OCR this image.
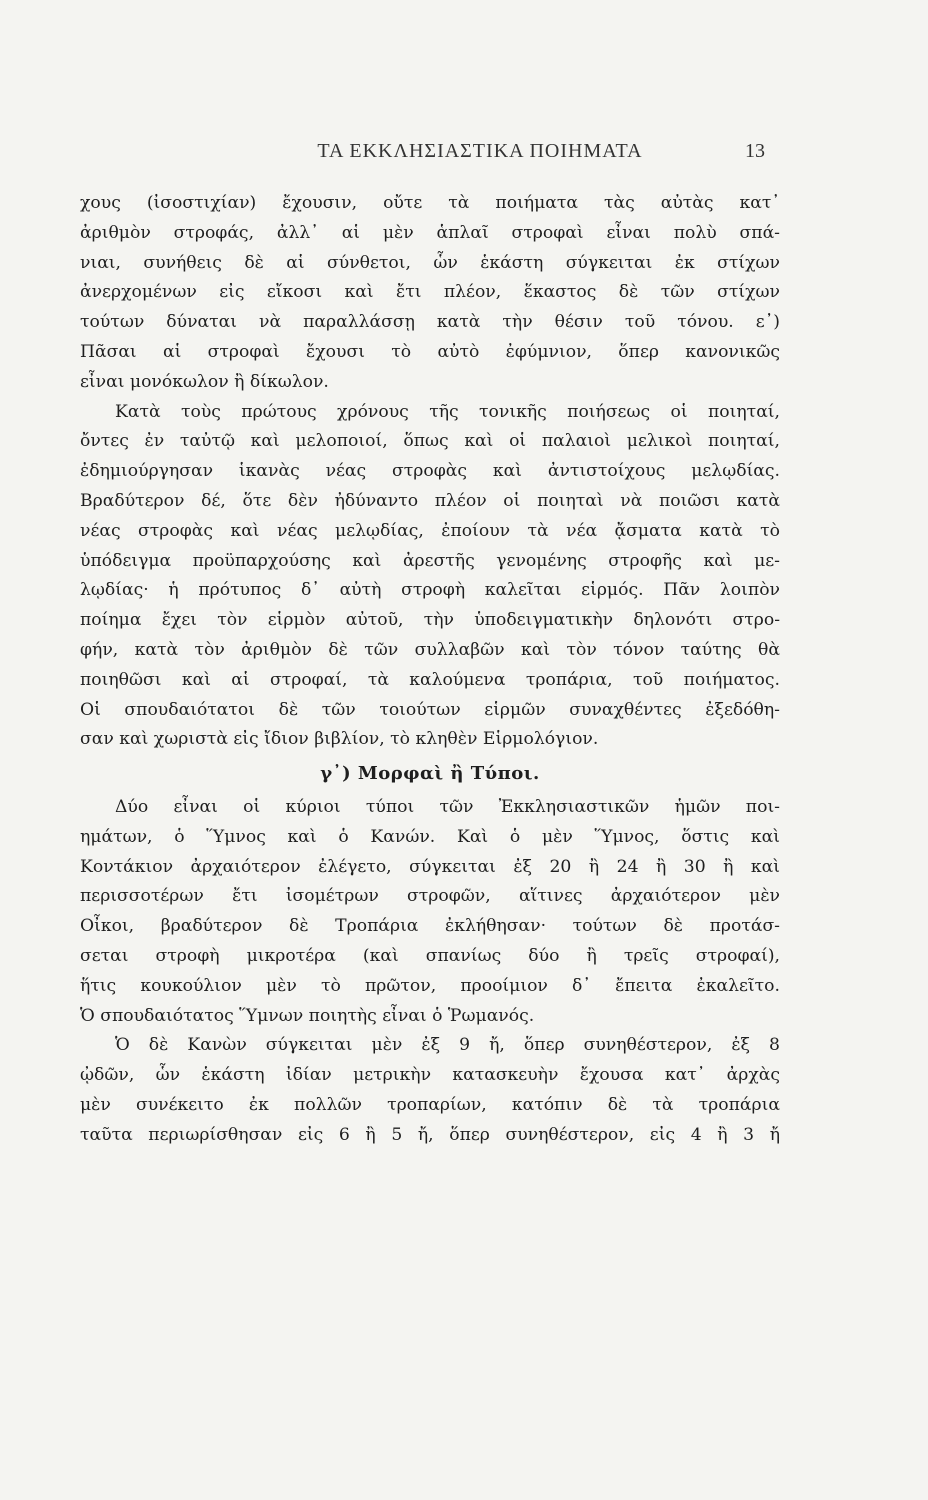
ΤΑ ΕΚΚΛΗΣΙΑΣΤΙΚΑ ΠΟΙΗΜΑΤΑ	13
χους (ἰσοστιχίαν) ἔχουσιν, οὔτε τὰ ποιήματα τὰς αὐτὰς κατ᾿
ἀριθμὸν στροφάς, ἀλλ᾿ αἱ μὲν ἁπλαῖ στροφαὶ εἶναι πολὺ σπά-
νιαι, συνήθεις δὲ αἱ σύνθετοι, ὧν ἑκάστη σύγκειται ἐκ στίχων
ἀνερχομένων εἰς εἴκοσι καὶ ἔτι πλέον, ἕκαστος δὲ τῶν στίχων
τούτων δύναται νὰ παραλλάσσῃ κατὰ τὴν θέσιν τοῦ τόνου. ε᾿)
Πᾶσαι αἱ στροφαὶ ἔχουσι τὸ αὐτὸ ἐφύμνιον, ὅπερ κανονικῶς
εἶναι μονόκωλον ἢ δίκωλον.
Κατὰ τοὺς πρώτους χρόνους τῆς τονικῆς ποιήσεως οἱ ποιηταί,
ὄντες ἐν ταὐτῷ καὶ μελοποιοί, ὅπως καὶ οἱ παλαιοὶ μελικοὶ ποιηταί,
ἐδημιούργησαν ἱκανὰς νέας στροφὰς καὶ ἀντιστοίχους μελῳδίας.
Βραδύτερον δέ, ὅτε δὲν ἠδύναντο πλέον οἱ ποιηταὶ νὰ ποιῶσι κατὰ
νέας στροφὰς καὶ νέας μελῳδίας, ἐποίουν τὰ νέα ᾄσματα κατὰ τὸ
ὑπόδειγμα προϋπαρχούσης καὶ ἀρεστῆς γενομένης στροφῆς καὶ με-
λῳδίας· ἡ πρότυπος δ᾿ αὐτὴ στροφὴ καλεῖται εἱρμός. Πᾶν λοιπὸν
ποίημα ἔχει τὸν εἱρμὸν αὐτοῦ, τὴν ὑποδειγματικὴν δηλονότι στρο-
φήν, κατὰ τὸν ἀριθμὸν δὲ τῶν συλλαβῶν καὶ τὸν τόνον ταύτης θὰ
ποιηθῶσι καὶ αἱ στροφαί, τὰ καλούμενα τροπάρια, τοῦ ποιήματος.
Οἱ σπουδαιότατοι δὲ τῶν τοιούτων εἱρμῶν συναχθέντες ἐξεδόθη-
σαν καὶ χωριστὰ εἰς ἴδιον βιβλίον, τὸ κληθὲν Εἱρμολόγιον.
γ᾿) Μορφαὶ ἢ Τύποι.
Δύο εἶναι οἱ κύριοι τύποι τῶν Ἐκκλησιαστικῶν ἡμῶν ποι-
ημάτων, ὁ Ὕμνος καὶ ὁ Κανών. Καὶ ὁ μὲν Ὕμνος, ὅστις καὶ
Κοντάκιον ἀρχαιότερον ἐλέγετο, σύγκειται ἐξ 20 ἢ 24 ἢ 30 ἢ καὶ
περισσοτέρων ἔτι ἰσομέτρων στροφῶν, αἵτινες ἀρχαιότερον μὲν
Οἶκοι, βραδύτερον δὲ Τροπάρια ἐκλήθησαν· τούτων δὲ προτάσ-
σεται στροφὴ μικροτέρα (καὶ σπανίως δύο ἢ τρεῖς στροφαί),
ἥτις κουκούλιον μὲν τὸ πρῶτον, προοίμιον δ᾿ ἔπειτα ἐκαλεῖτο.
Ὁ σπουδαιότατος Ὕμνων ποιητὴς εἶναι ὁ Ῥωμανός.
Ὁ δὲ Κανὼν σύγκειται μὲν ἐξ 9 ἤ, ὅπερ συνηθέστερον, ἐξ 8
ᾠδῶν, ὧν ἑκάστη ἰδίαν μετρικὴν κατασκευὴν ἔχουσα κατ᾿ ἀρχὰς
μὲν συνέκειτο ἐκ πολλῶν τροπαρίων, κατόπιν δὲ τὰ τροπάρια
ταῦτα περιωρίσθησαν εἰς 6 ἢ 5 ἤ, ὅπερ συνηθέστερον, εἰς 4 ἢ 3 ἤ
